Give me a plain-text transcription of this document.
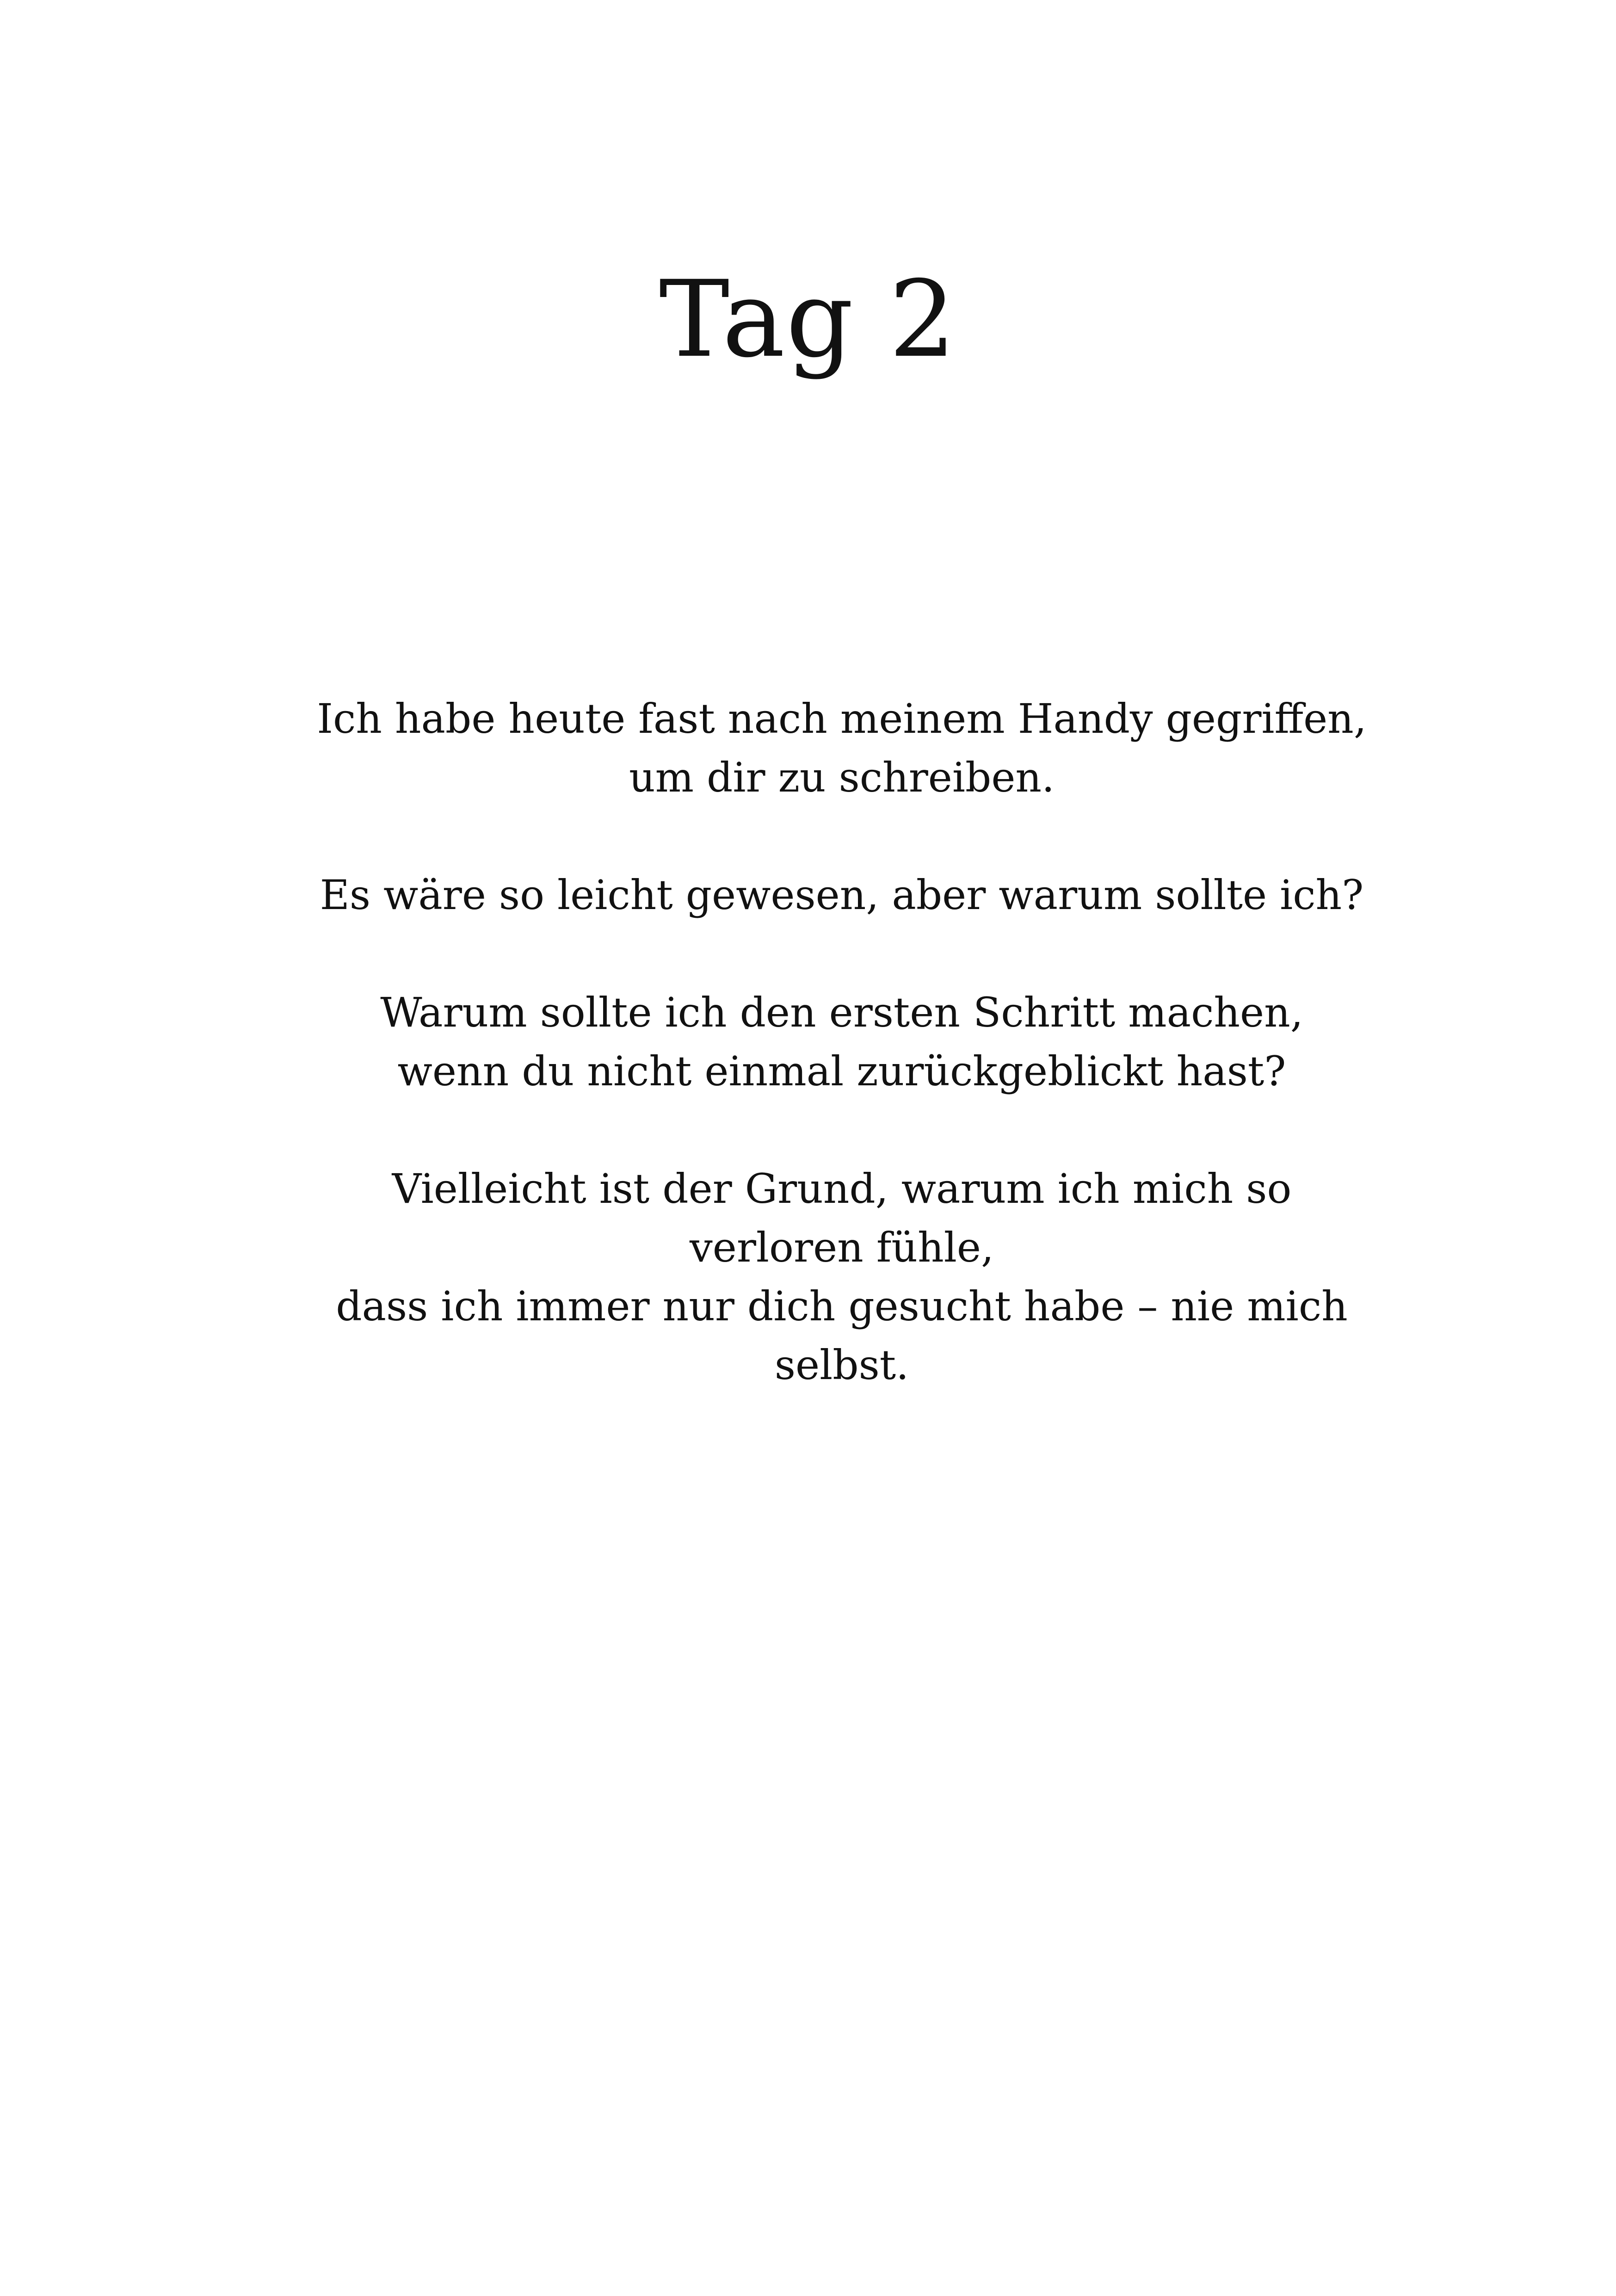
Tag 2
Ich habe heute fast nach meinem Handy gegriffen,
um dir zu schreiben.
Es wäre so leicht gewesen, aber warum sollte ich?
Warum sollte ich den ersten Schritt machen,
wenn du nicht einmal zurückgeblickt hast?
Vielleicht ist der Grund, warum ich mich so
verloren fühle,
dass ich immer nur dich gesucht habe – nie mich
selbst.
